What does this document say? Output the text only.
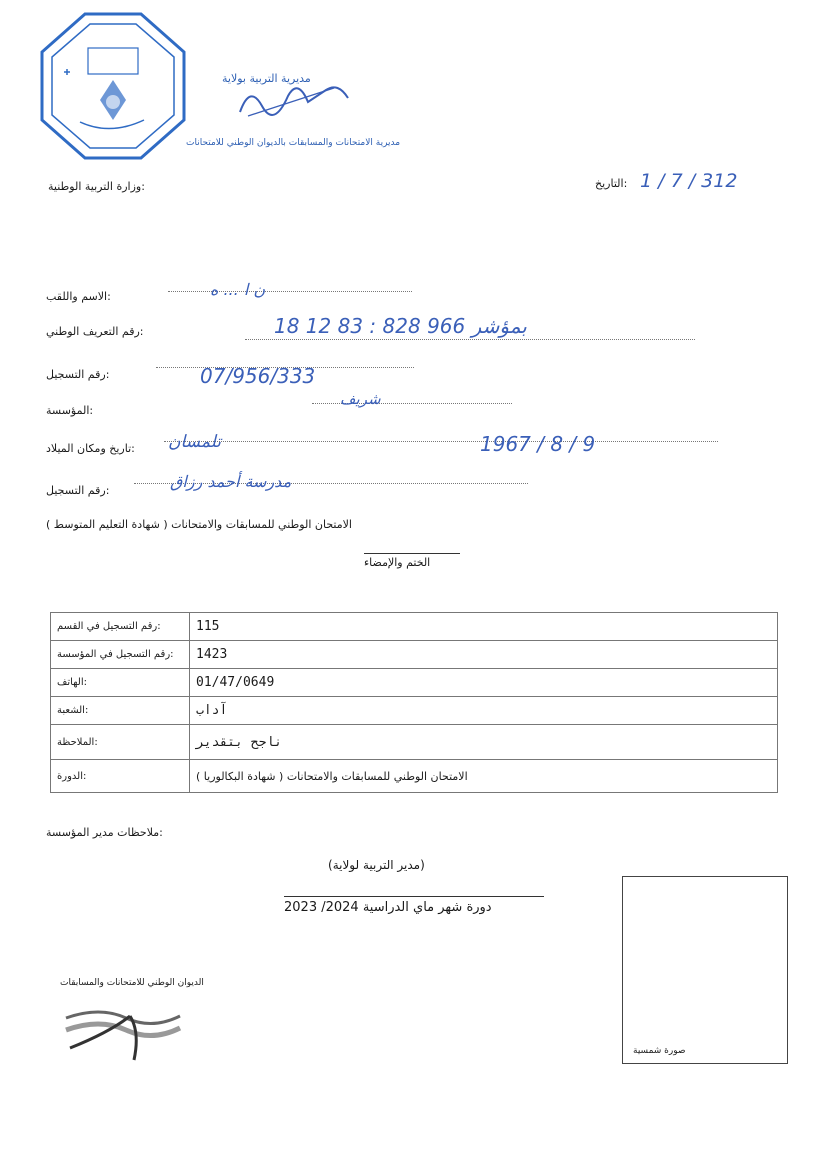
مديرية التربية بولاية
مديرية الامتحانات والمسابقات بالديوان الوطني للامتحانات
وزارة التربية الوطنية:	التاريخ: 1 / 7 / 312
الاسم واللقب:	ن ا ... ه
رقم التعريف الوطني:	18 12 83 : بمؤشر 966 828
رقم التسجيل:	07/956/333
المؤسسة:
شريف
تاريخ ومكان الميلاد: تلمسان	1967 / 8 / 9
رقم التسجيل:	مدرسة أحمد رزاق
( شهادة التعليم المتوسط ) الامتحان الوطني للمسابقات والامتحانات
الختم والإمضاء
رقم التسجيل في القسم:	115
رقم التسجيل في المؤسسة:	1423
الهاتف:	01/47/0649
الشعبة:	آداب
الملاحظة:	ناجح بتقدير
الدورة:	( شهادة البكالوريا ) الامتحان الوطني للمسابقات والامتحانات
ملاحظات مدير المؤسسة:
(مدير التربية لولاية)
2023 /2024 دورة شهر ماي الدراسية
صورة شمسية
الديوان الوطني للامتحانات والمسابقات
